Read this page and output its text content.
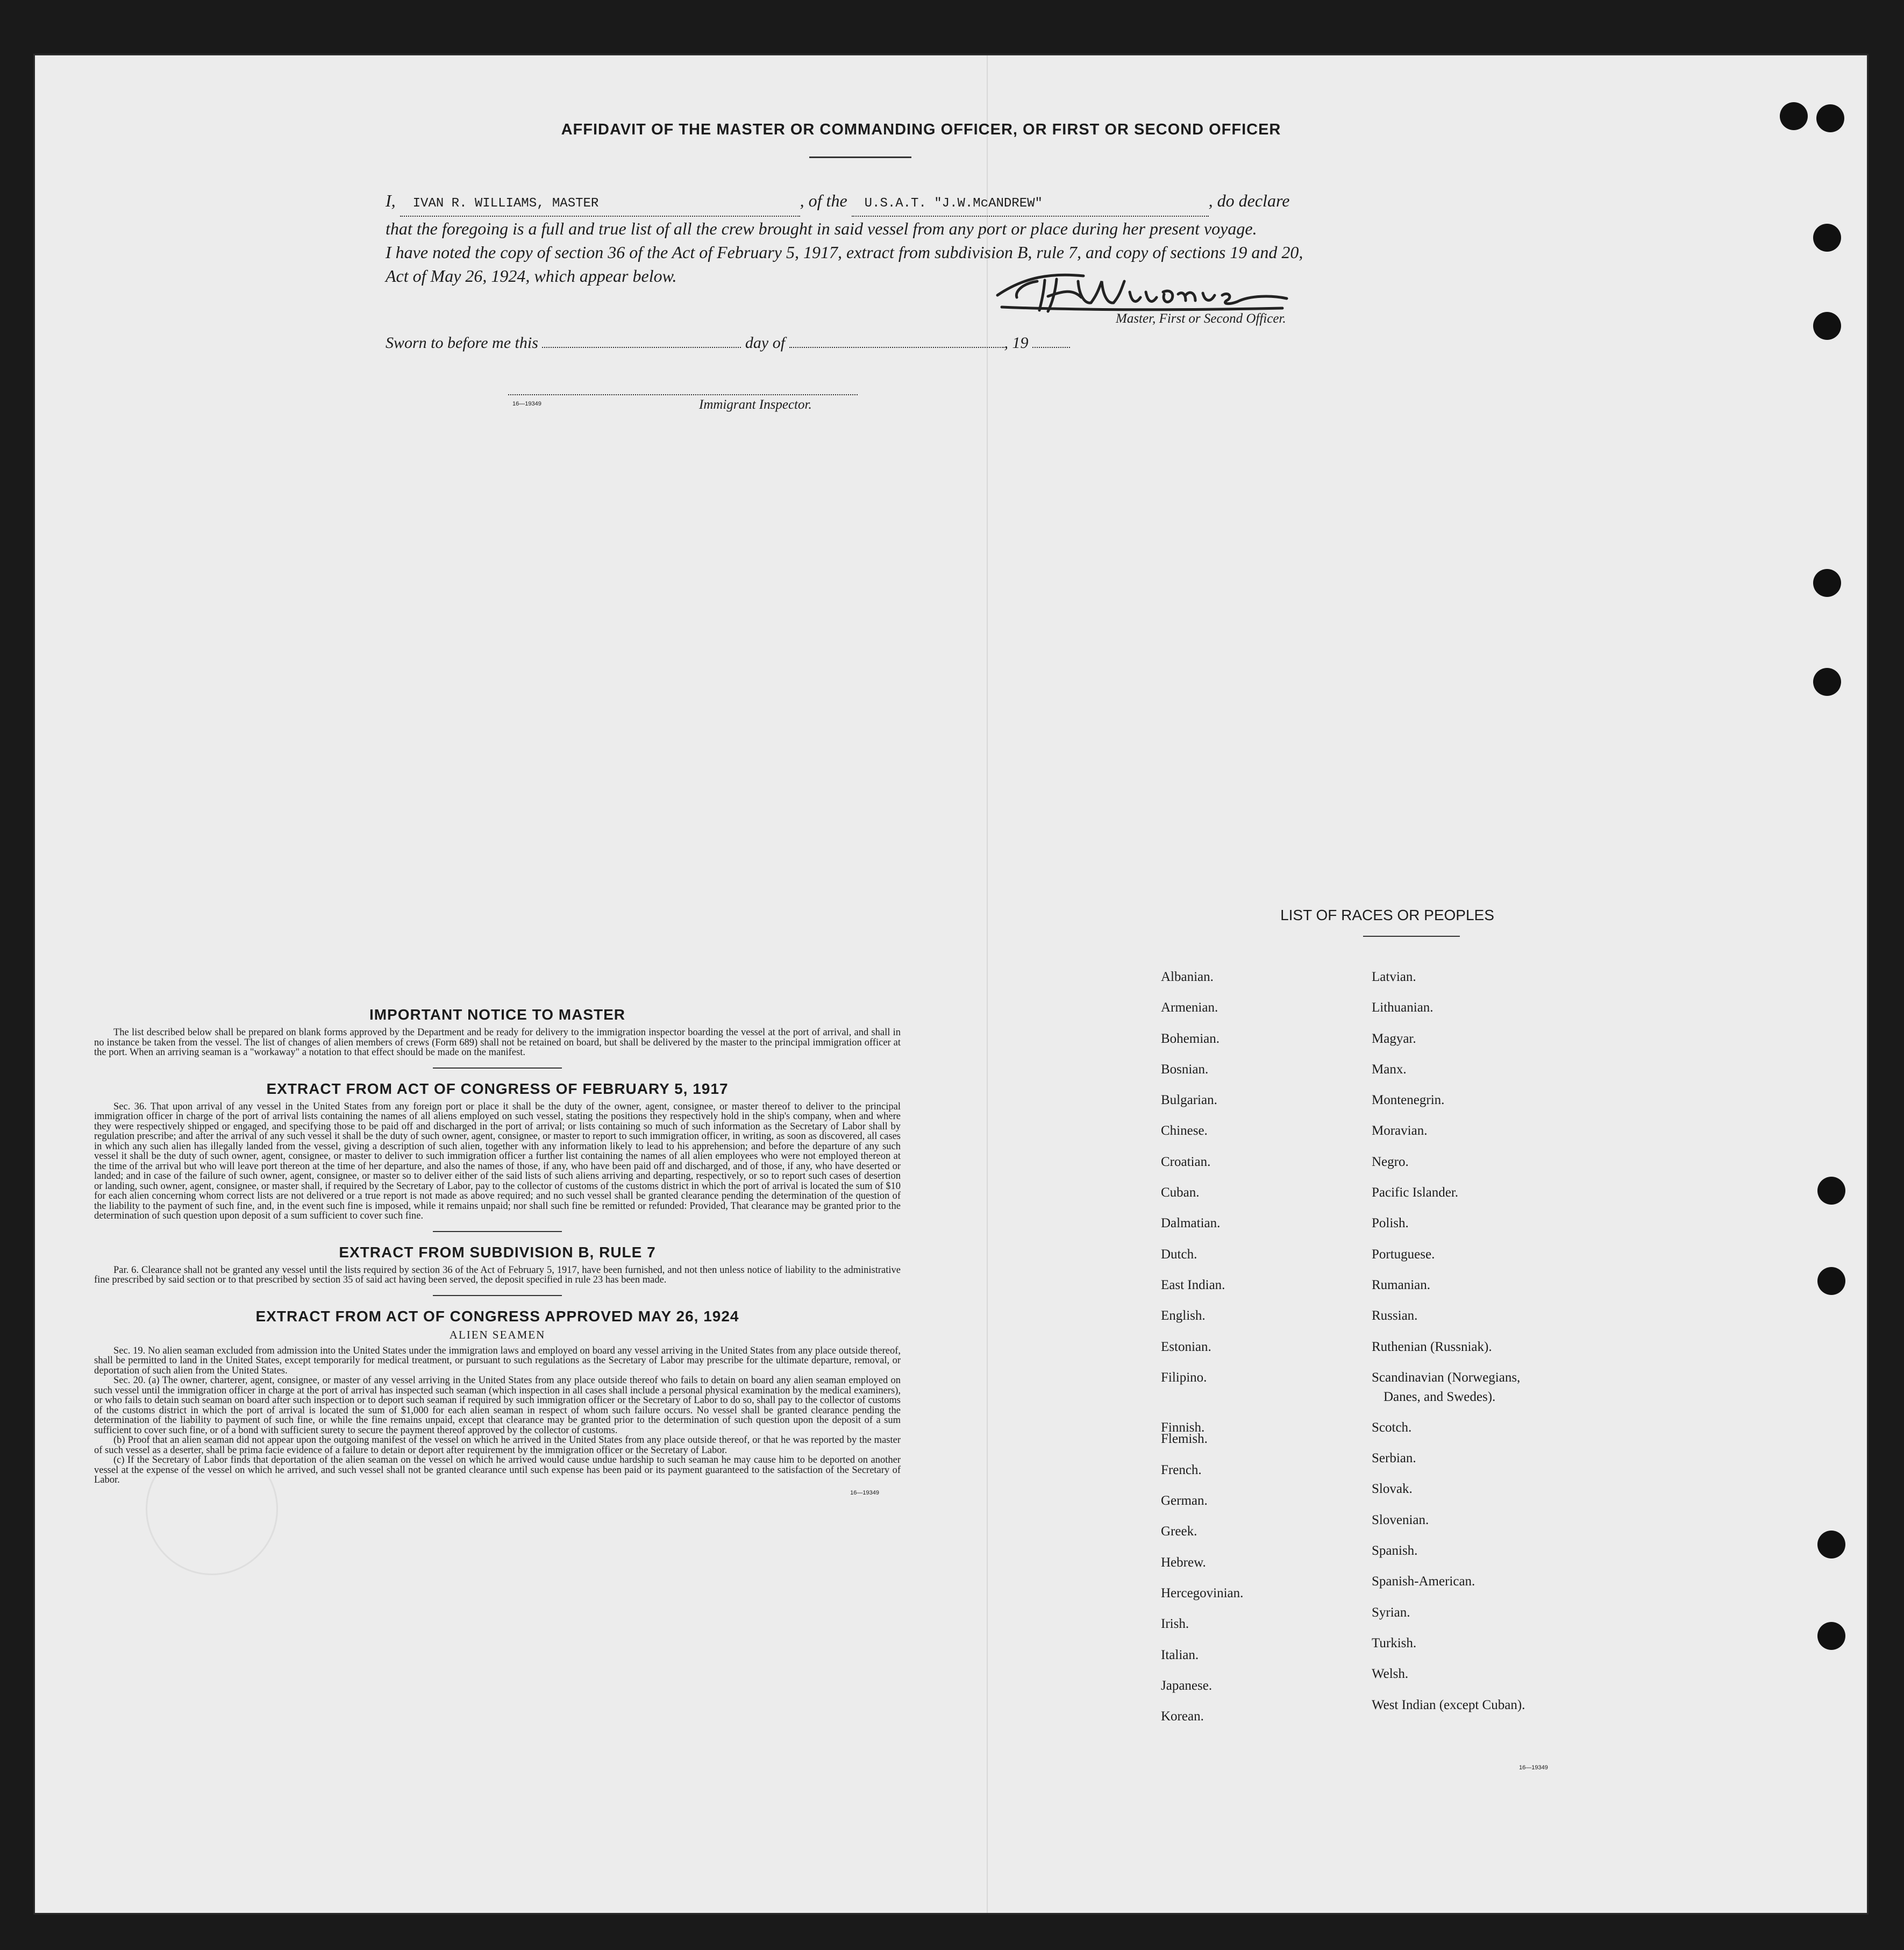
AFFIDAVIT OF THE MASTER OR COMMANDING OFFICER, OR FIRST OR SECOND OFFICER

I, IVAN R. WILLIAMS, MASTER	, of the U.S.A.T. "J.W.McANDREW"	, do declare

that the foregoing is a full and true list of all the crew brought in said vessel from any port or place during her present voyage.

I have noted the copy of section 36 of the Act of February 5, 1917, extract from subdivision B, rule 7, and copy of sections 19 and 20,

Act of May 26, 1924, which appear below.

Master, First or Second Officer.
Sworn to before me this	day of	, 19
16—19349	Immigrant Inspector.
IMPORTANT NOTICE TO MASTER

The list described below shall be prepared on blank forms approved by the Department and be ready for delivery to the immigration inspector boarding the vessel at the port of arrival, and shall in no instance be taken from the vessel. The list of changes of alien members of crews (Form 689) shall not be retained on board, but shall be delivered by the master to the principal immigration officer at the port. When an arriving seaman is a "workaway" a notation to that effect should be made on the manifest.

EXTRACT FROM ACT OF CONGRESS OF FEBRUARY 5, 1917

Sec. 36. That upon arrival of any vessel in the United States from any foreign port or place it shall be the duty of the owner, agent, consignee, or master thereof to deliver to the principal immigration officer in charge of the port of arrival lists containing the names of all aliens employed on such vessel, stating the positions they respectively hold in the ship's company, when and where they were respectively shipped or engaged, and specifying those to be paid off and discharged in the port of arrival; or lists containing so much of such information as the Secretary of Labor shall by regulation prescribe; and after the arrival of any such vessel it shall be the duty of such owner, agent, consignee, or master to report to such immigration officer, in writing, as soon as discovered, all cases in which any such alien has illegally landed from the vessel, giving a description of such alien, together with any information likely to lead to his apprehension; and before the departure of any such vessel it shall be the duty of such owner, agent, consignee, or master to deliver to such immigration officer a further list containing the names of all alien employees who were not employed thereon at the time of the arrival but who will leave port thereon at the time of her departure, and also the names of those, if any, who have been paid off and discharged, and of those, if any, who have deserted or landed; and in case of the failure of such owner, agent, consignee, or master so to deliver either of the said lists of such aliens arriving and departing, respectively, or so to report such cases of desertion or landing, such owner, agent, consignee, or master shall, if required by the Secretary of Labor, pay to the collector of customs of the customs district in which the port of arrival is located the sum of $10 for each alien concerning whom correct lists are not delivered or a true report is not made as above required; and no such vessel shall be granted clearance pending the determination of the question of the liability to the payment of such fine, and, in the event such fine is imposed, while it remains unpaid; nor shall such fine be remitted or refunded: Provided, That clearance may be granted prior to the determination of such question upon deposit of a sum sufficient to cover such fine.

EXTRACT FROM SUBDIVISION B, RULE 7

Par. 6. Clearance shall not be granted any vessel until the lists required by section 36 of the Act of February 5, 1917, have been furnished, and not then unless notice of liability to the administrative fine prescribed by said section or to that prescribed by section 35 of said act having been served, the deposit specified in rule 23 has been made.

EXTRACT FROM ACT OF CONGRESS APPROVED MAY 26, 1924
ALIEN SEAMEN

Sec. 19. No alien seaman excluded from admission into the United States under the immigration laws and employed on board any vessel arriving in the United States from any place outside thereof, shall be permitted to land in the United States, except temporarily for medical treatment, or pursuant to such regulations as the Secretary of Labor may prescribe for the ultimate departure, removal, or deportation of such alien from the United States.

Sec. 20. (a) The owner, charterer, agent, consignee, or master of any vessel arriving in the United States from any place outside thereof who fails to detain on board any alien seaman employed on such vessel until the immigration officer in charge at the port of arrival has inspected such seaman (which inspection in all cases shall include a personal physical examination by the medical examiners), or who fails to detain such seaman on board after such inspection or to deport such seaman if required by such immigration officer or the Secretary of Labor to do so, shall pay to the collector of customs of the customs district in which the port of arrival is located the sum of $1,000 for each alien seaman in respect of whom such failure occurs. No vessel shall be granted clearance pending the determination of the liability to payment of such fine, or while the fine remains unpaid, except that clearance may be granted prior to the determination of such question upon the deposit of a sum sufficient to cover such fine, or of a bond with sufficient surety to secure the payment thereof approved by the collector of customs.

(b) Proof that an alien seaman did not appear upon the outgoing manifest of the vessel on which he arrived in the United States from any place outside thereof, or that he was reported by the master of such vessel as a deserter, shall be prima facie evidence of a failure to detain or deport after requirement by the immigration officer or the Secretary of Labor.

(c) If the Secretary of Labor finds that deportation of the alien seaman on the vessel on which he arrived would cause undue hardship to such seaman he may cause him to be deported on another vessel at the expense of the vessel on which he arrived, and such vessel shall not be granted clearance until such expense has been paid or its payment guaranteed to the satisfaction of the Secretary of Labor.

16—19349
LIST OF RACES OR PEOPLES
Albanian.
Armenian.
Bohemian.
Bosnian.
Bulgarian.
Chinese.
Croatian.
Cuban.
Dalmatian.
Dutch.
East Indian.
English.
Estonian.
Filipino.
Finnish.
Flemish.
French.
German.
Greek.
Hebrew.
Hercegovinian.
Irish.
Italian.
Japanese.
Korean.
Latvian.
Lithuanian.
Magyar.
Manx.
Montenegrin.
Moravian.
Negro.
Pacific Islander.
Polish.
Portuguese.
Rumanian.
Russian.
Ruthenian (Russniak).
Scandinavian (Norwegians,
Danes, and Swedes).
Scotch.
Serbian.
Slovak.
Slovenian.
Spanish.
Spanish-American.
Syrian.
Turkish.
Welsh.
West Indian (except Cuban).
16—19349
